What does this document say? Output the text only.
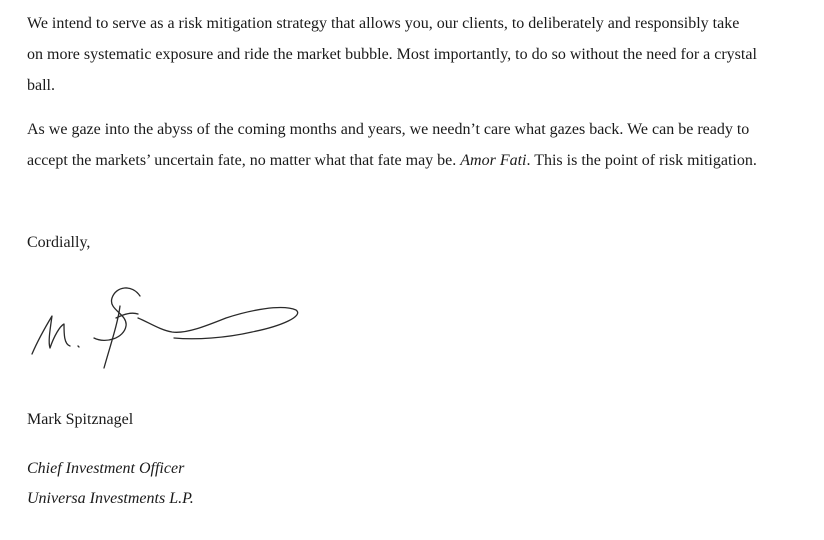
We intend to serve as a risk mitigation strategy that allows you, our clients, to deliberately and responsibly take
on more systematic exposure and ride the market bubble. Most importantly, to do so without the need for a crystal
ball.

As we gaze into the abyss of the coming months and years, we needn’t care what gazes back. We can be ready to
accept the markets’ uncertain fate, no matter what that fate may be. Amor Fati. This is the point of risk mitigation.

Cordially,

Mark Spitznagel

Chief Investment Officer

Universa Investments L.P.
